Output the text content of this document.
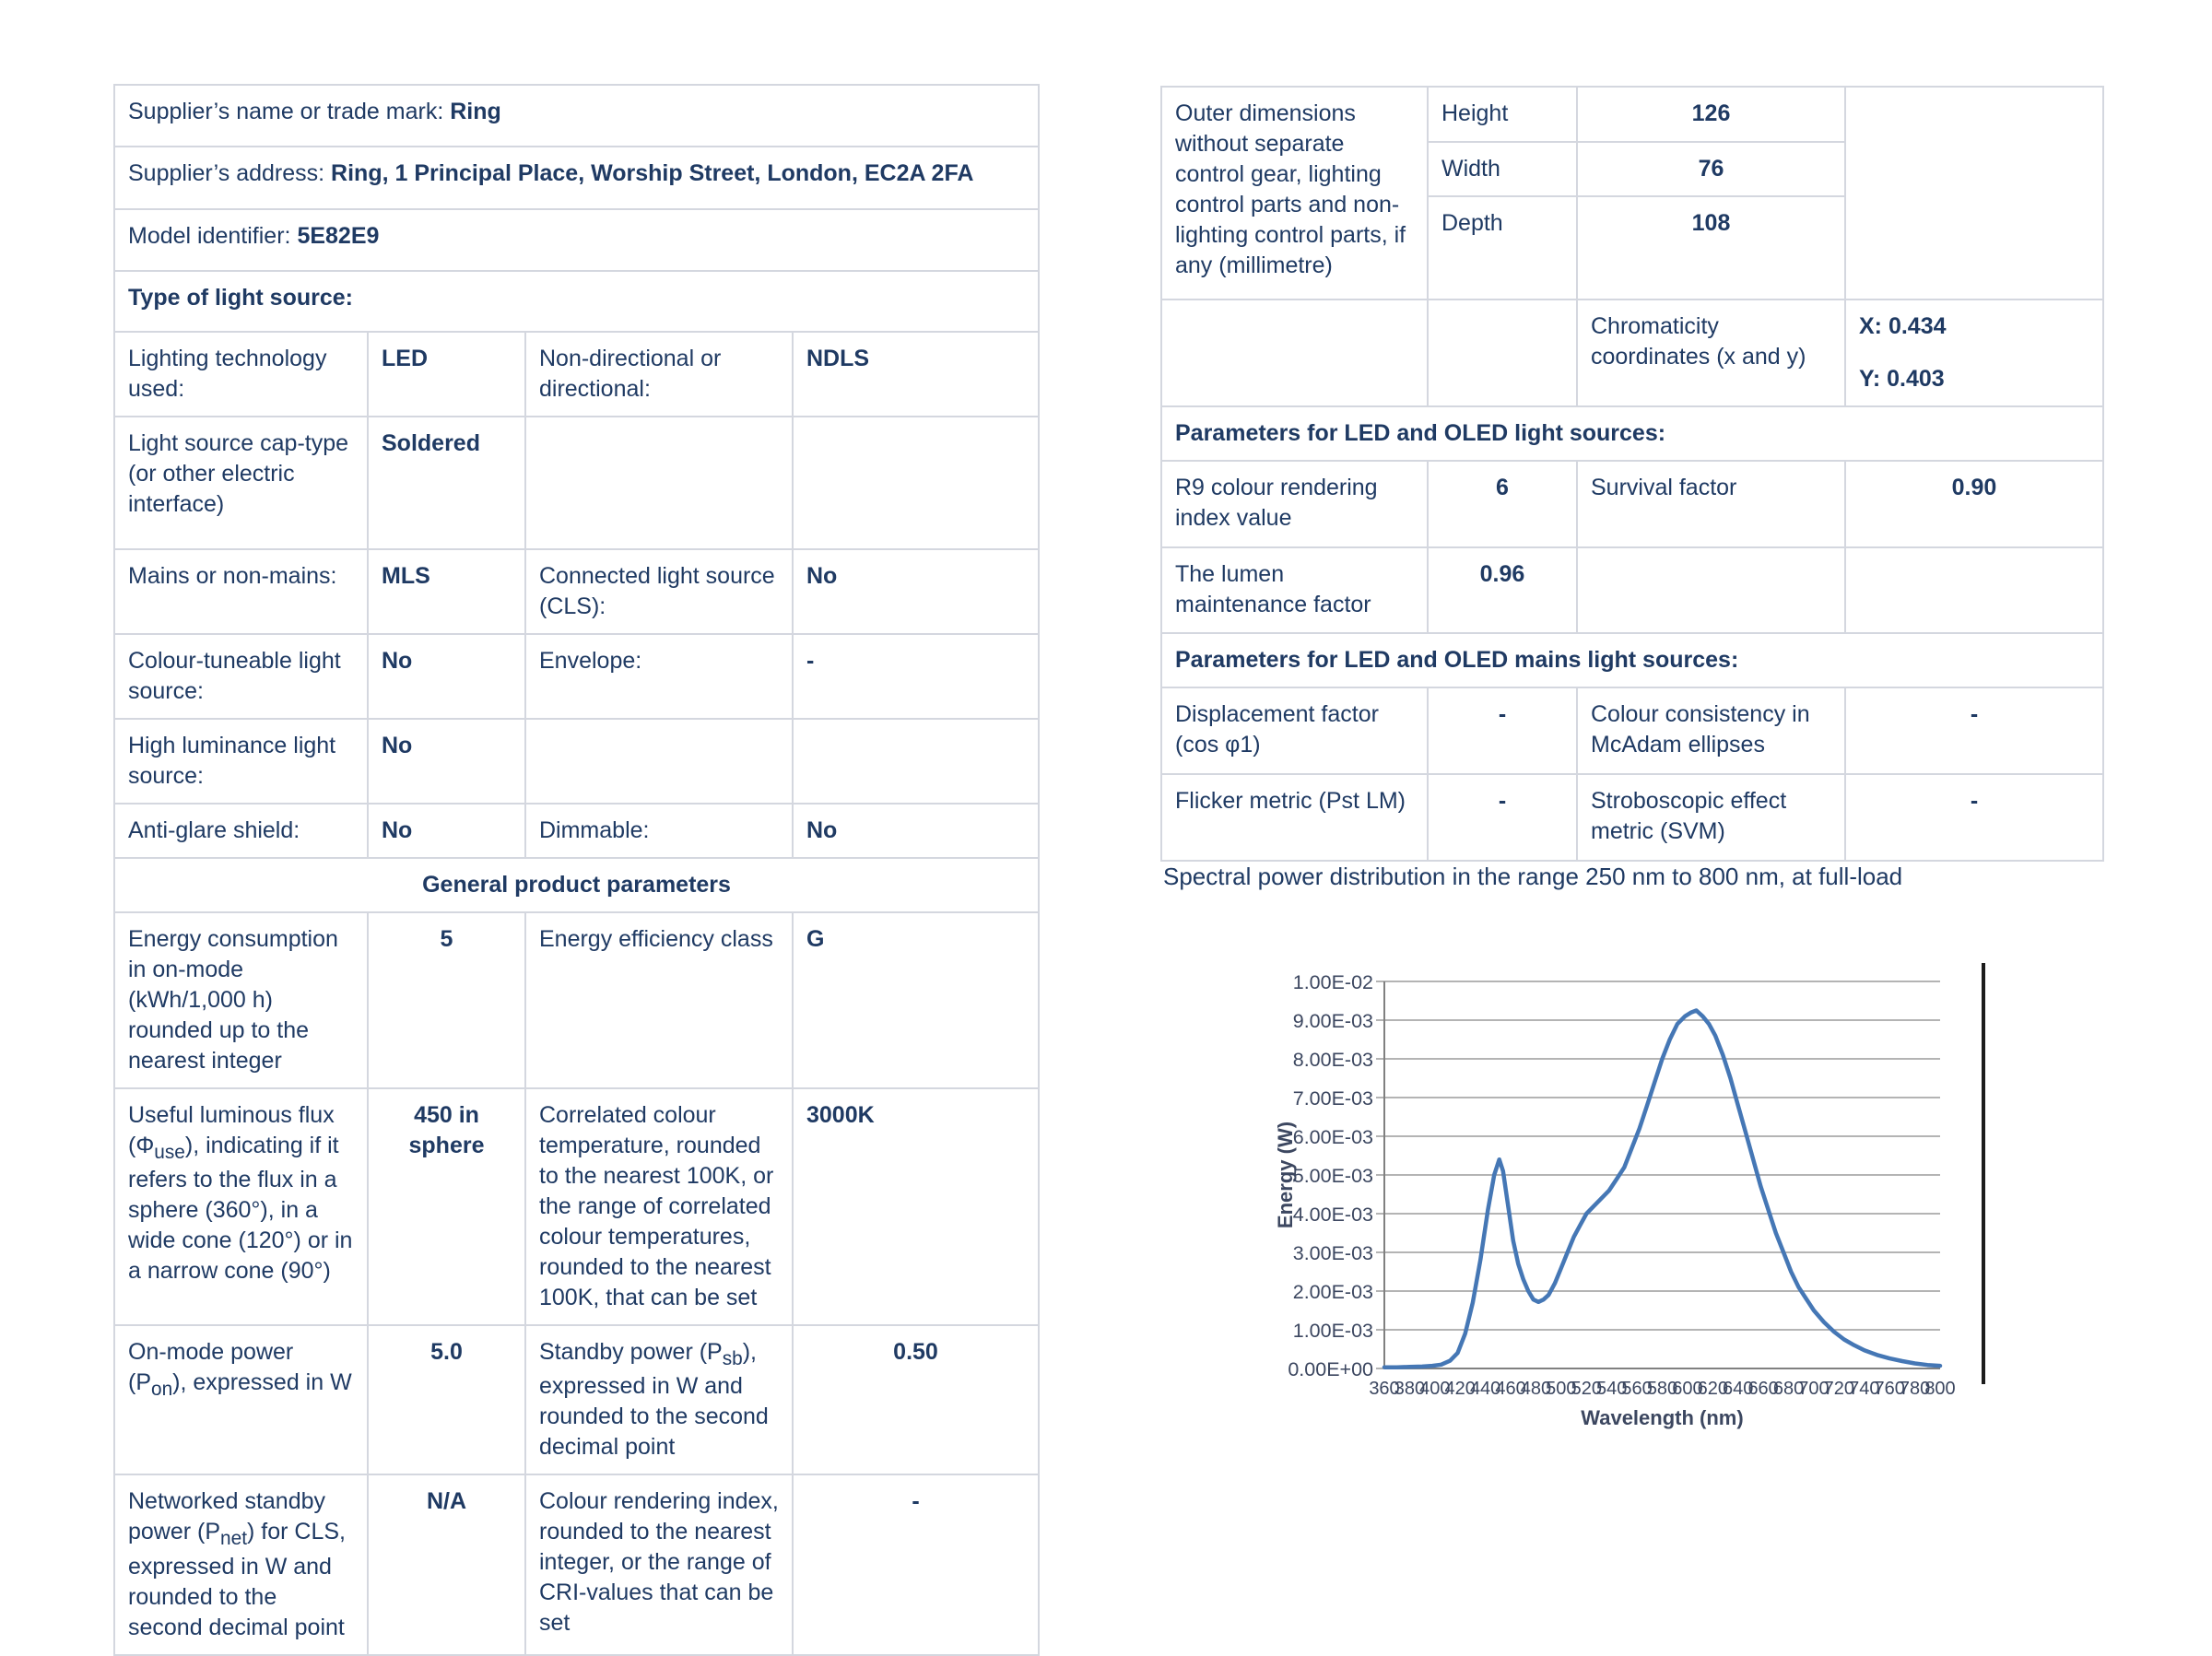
Supplier’s name or trade mark: Ring			

Supplier’s address: Ring, 1 Principal Place, Worship Street, London, EC2A 2FA			

Model identifier: 5E82E9			

Type of light source:			

Lighting technology used:	LED	Non-directional or directional:	NDLS

Light source cap-type (or other electric interface)	Soldered		

Mains or non-mains:	MLS	Connected light source (CLS):	No

Colour-tuneable light source:	No	Envelope:	-

High luminance light source:	No		

Anti-glare shield:	No	Dimmable:	No

General product parameters			

Energy consumption in on-mode (kWh/1,000 h) rounded up to the nearest integer	5	Energy efficiency class	G

Useful luminous flux $(\Phi_{use})$, indicating if it refers to the flux in a sphere (360°), in a wide cone (120°) or in a narrow cone (90°)	450 in sphere	Correlated colour temperature, rounded to the nearest 100K, or the range of correlated colour temperatures, rounded to the nearest 100K, that can be set	3000K

On-mode power $(P_{on})$, expressed in W	5.0	Standby power $(P_{sb})$, expressed in W and rounded to the second decimal point	0.50

Networked standby power $(P_{net})$ for CLS, expressed in W and rounded to the second decimal point	N/A	Colour rendering index, rounded to the nearest integer, or the range of CRI-values that can be set	-
Outer dimensions without separate control gear, lighting control parts and non-lighting control parts, if any (millimetre)	Height	126	

	Width	76	

	Depth	108	

		Chromaticity coordinates (x and y)	X: 0.434
Y: 0.403

Parameters for LED and OLED light sources:			

R9 colour rendering index value	6	Survival factor	0.90

The lumen maintenance factor	0.96		

Parameters for LED and OLED mains light sources:			

Displacement factor (cos φ1)	-	Colour consistency in McAdam ellipses	-

Flicker metric (Pst LM)	-	Stroboscopic effect metric (SVM)	-
Spectral power distribution in the range 250 nm to 800 nm, at full-load
0.00E+00
1.00E-03
2.00E-03
3.00E-03
4.00E-03
5.00E-03
6.00E-03
7.00E-03
8.00E-03
9.00E-03
1.00E-02
360
380
400
420
440
460
480
500
520
540
560
580
600
620
640
660
680
700
720
740
760
780
800
Wavelength (nm)
Energy (W)
